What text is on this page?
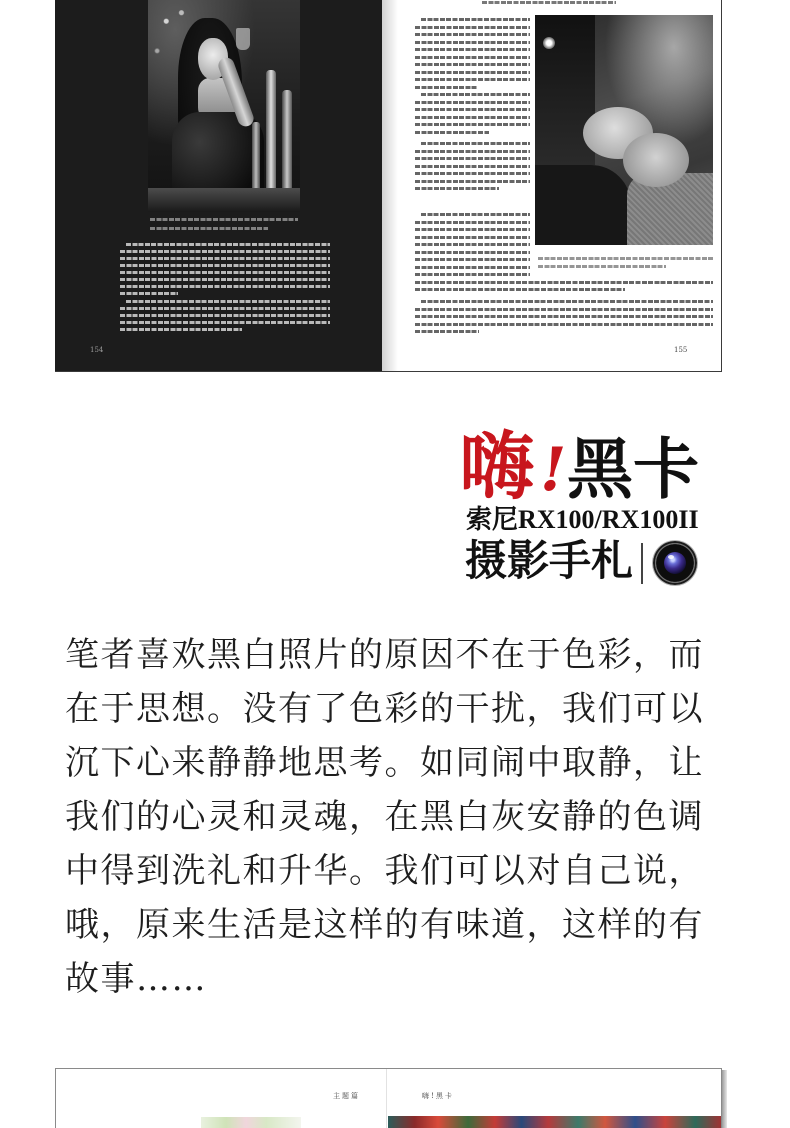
154	155
嗨 ! 黑卡
索尼RX100/RX100II
摄影手札
笔者喜欢黑白照片的原因不在于色彩，而
在于思想。没有了色彩的干扰，我们可以
沉下心来静静地思考。如同闹中取静，让
我们的心灵和灵魂，在黑白灰安静的色调
中得到洗礼和升华。我们可以对自己说，
哦，原来生活是这样的有味道，这样的有
故事……
主题篇	嗨!黑卡
